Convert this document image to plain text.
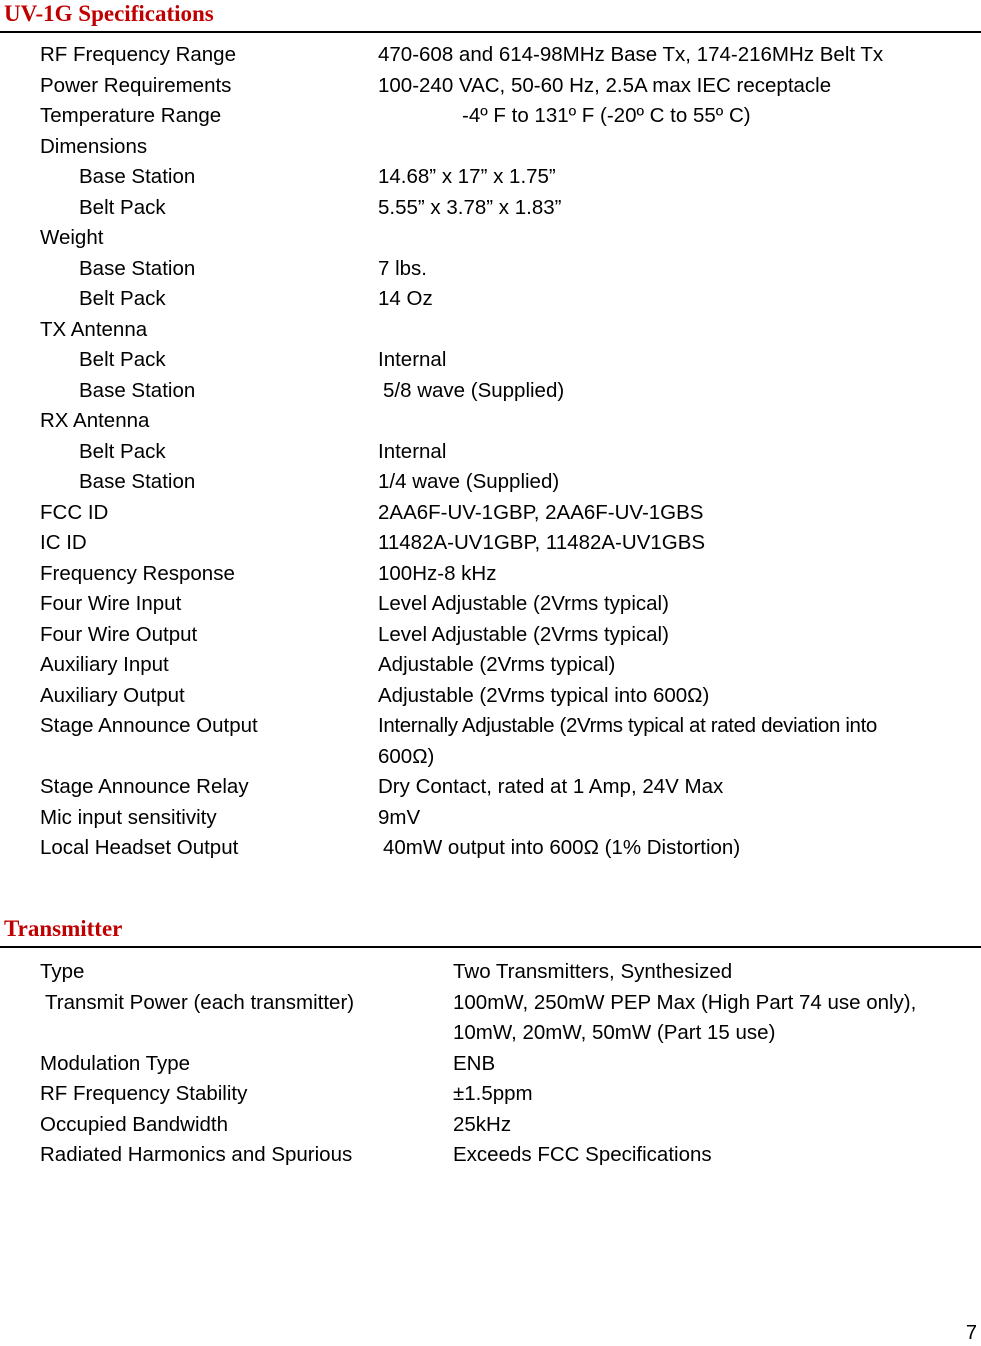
UV-1G Specifications
RF Frequency Range	470-608 and 614-98MHz Base Tx, 174-216MHz Belt Tx
Power Requirements	100-240 VAC, 50-60 Hz, 2.5A max IEC receptacle
Temperature Range	-4º F to 131º F (-20º C to 55º C)
Dimensions
Base Station	14.68” x 17” x 1.75”
Belt Pack	5.55” x 3.78” x 1.83”
Weight
Base Station	7 lbs.
Belt Pack	14 Oz
TX Antenna
Belt Pack	Internal
Base Station	5/8 wave (Supplied)
RX Antenna
Belt Pack	Internal
Base Station	1/4 wave (Supplied)
FCC ID	2AA6F-UV-1GBP, 2AA6F-UV-1GBS
IC ID	11482A-UV1GBP, 11482A-UV1GBS
Frequency Response	100Hz-8 kHz
Four Wire Input	Level Adjustable (2Vrms typical)
Four Wire Output	Level Adjustable (2Vrms typical)
Auxiliary Input	Adjustable (2Vrms typical)
Auxiliary Output	Adjustable (2Vrms typical into 600Ω)
Stage Announce Output	Internally Adjustable (2Vrms typical at rated deviation into
600Ω)
Stage Announce Relay	Dry Contact, rated at 1 Amp, 24V Max
Mic input sensitivity	9mV
Local Headset Output	40mW output into 600Ω (1% Distortion)
Transmitter
Type	Two Transmitters, Synthesized
Transmit Power (each transmitter)	100mW, 250mW PEP Max (High Part 74 use only),
10mW, 20mW, 50mW (Part 15 use)
Modulation Type	ENB
RF Frequency Stability	±1.5ppm
Occupied Bandwidth	25kHz
Radiated Harmonics and Spurious	Exceeds FCC Specifications
7
